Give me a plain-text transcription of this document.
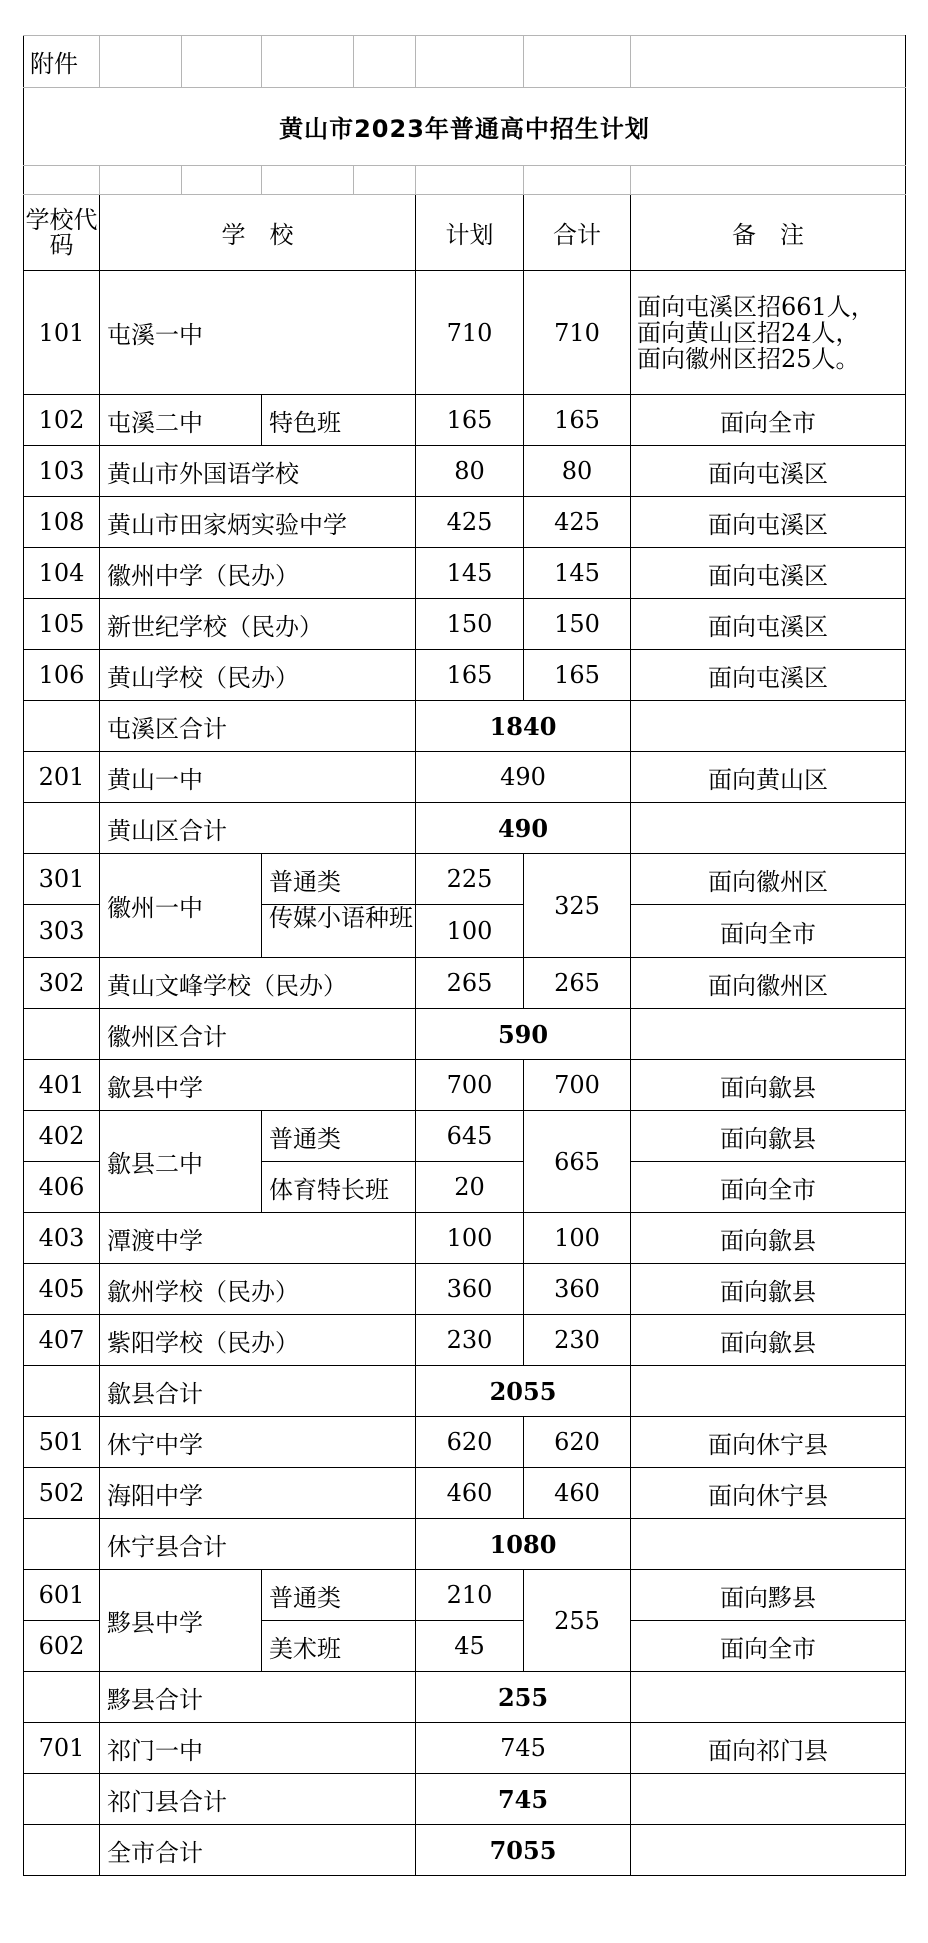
附件							
黄山市2023年普通高中招生计划							

学校代码	学　校				计划	合计	备　注
101	屯溪一中				710	710	面向屯溪区招661人，
面向黄山区招24人，
面向徽州区招25人。

102	屯溪二中		特色班		165	165	面向全市
103	黄山市外国语学校				80	80	面向屯溪区
108	黄山市田家炳实验中学				425	425	面向屯溪区
104	徽州中学（民办）				145	145	面向屯溪区
105	新世纪学校（民办）				150	150	面向屯溪区
106	黄山学校（民办）				165	165	面向屯溪区
	屯溪区合计				1840		
201	黄山一中				490		面向黄山区
	黄山区合计				490		
301	徽州一中		普通类		225	325	面向徽州区
303			传媒小语种班		100		面向全市
302	黄山文峰学校（民办）				265	265	面向徽州区
	徽州区合计				590		
401	歙县中学				700	700	面向歙县
402	歙县二中		普通类		645	665	面向歙县
406			体育特长班		20		面向全市
403	潭渡中学				100	100	面向歙县
405	歙州学校（民办）				360	360	面向歙县
407	紫阳学校（民办）				230	230	面向歙县
	歙县合计				2055		
501	休宁中学				620	620	面向休宁县
502	海阳中学				460	460	面向休宁县
	休宁县合计				1080		
601	黟县中学		普通类		210	255	面向黟县
602			美术班		45		面向全市
	黟县合计				255		
701	祁门一中				745		面向祁门县
	祁门县合计				745		
	全市合计				7055		
